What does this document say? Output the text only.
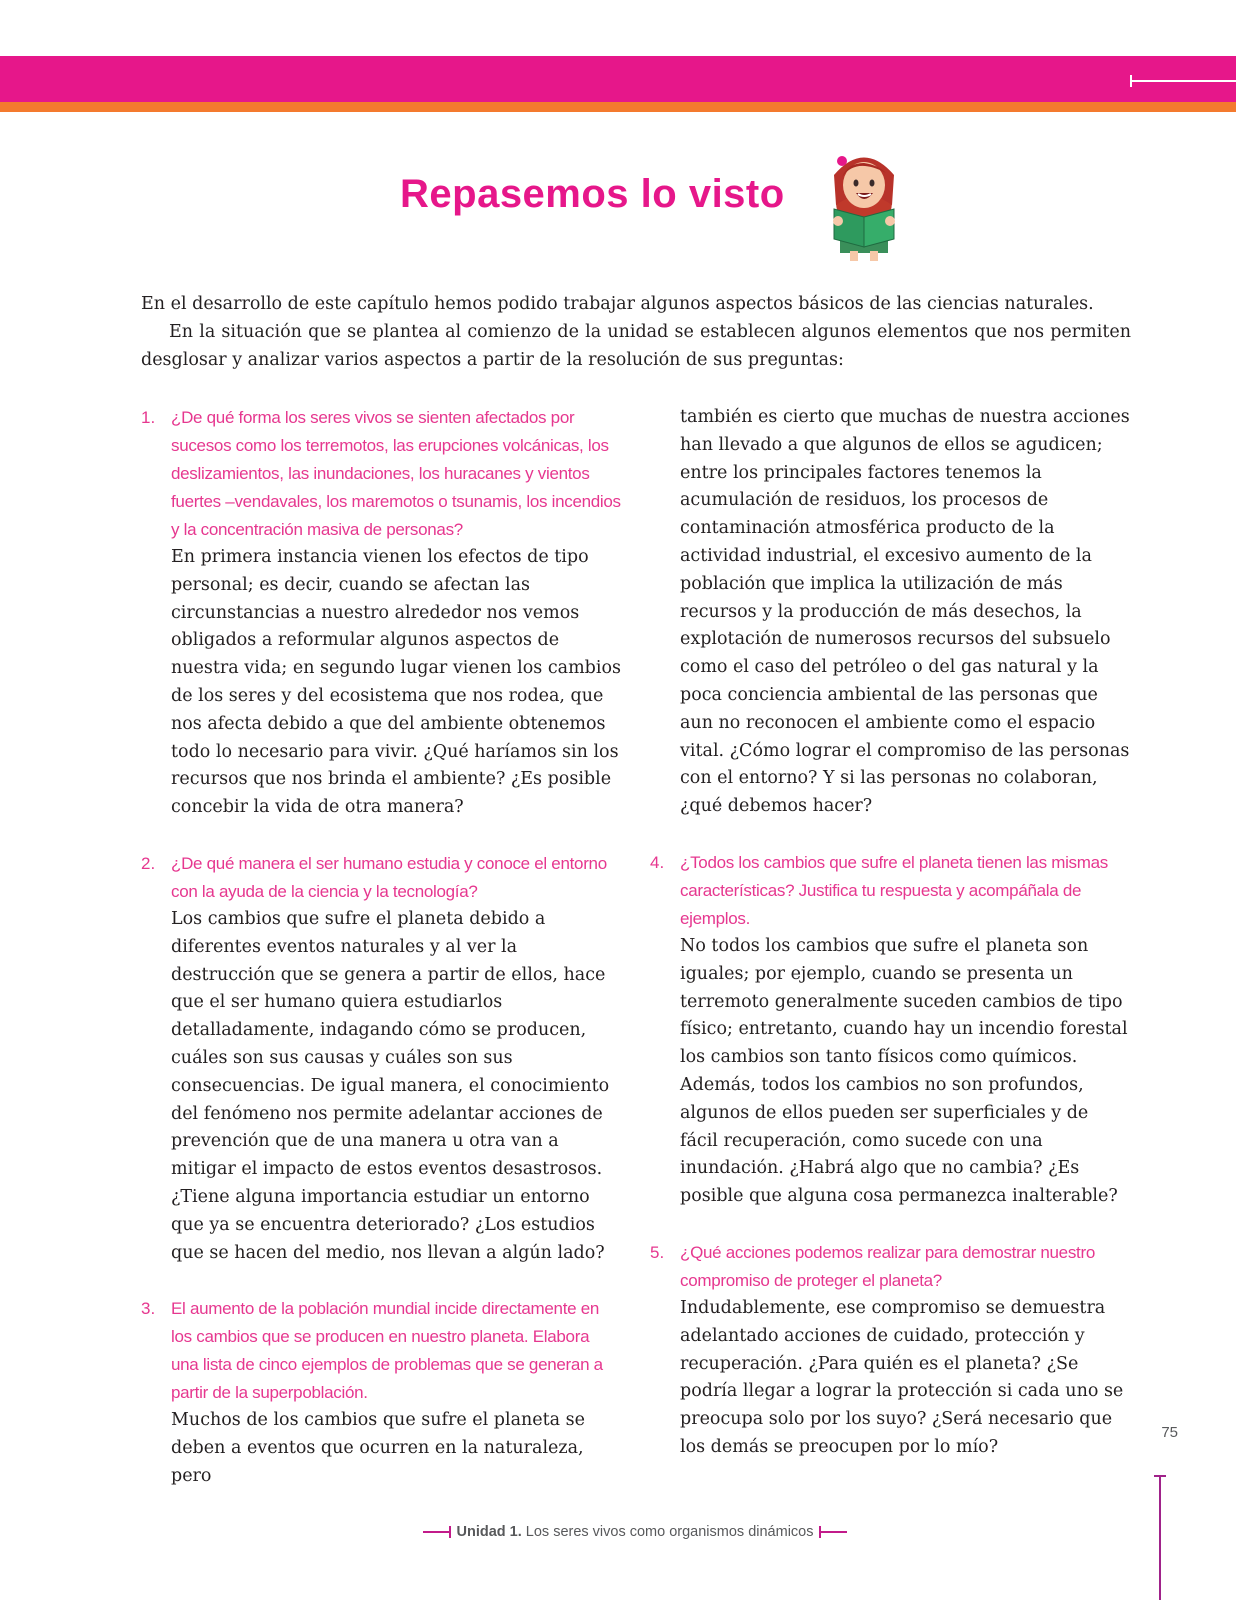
Repasemos lo visto

En el desarrollo de este capítulo hemos podido trabajar algunos aspectos básicos de las ciencias naturales.

En la situación que se plantea al comienzo de la unidad se establecen algunos elementos que nos permiten desglosar y analizar varios aspectos a partir de la resolución de sus preguntas:

1. ¿De qué forma los seres vivos se sienten afectados por sucesos como los terremotos, las erupciones volcánicas, los deslizamientos, las inundaciones, los huracanes y vientos fuertes –vendavales, los maremotos o tsunamis, los incendios y la concentración masiva de personas?
En primera instancia vienen los efectos de tipo personal; es decir, cuando se afectan las circunstancias a nuestro alrededor nos vemos obligados a reformular algunos aspectos de nuestra vida; en segundo lugar vienen los cambios de los seres y del ecosistema que nos rodea, que nos afecta debido a que del ambiente obtenemos todo lo necesario para vivir. ¿Qué haríamos sin los recursos que nos brinda el ambiente? ¿Es posible concebir la vida de otra manera?
2. ¿De qué manera el ser humano estudia y conoce el entorno con la ayuda de la ciencia y la tecnología?
Los cambios que sufre el planeta debido a diferentes eventos naturales y al ver la destrucción que se genera a partir de ellos, hace que el ser humano quiera estudiarlos detalladamente, indagando cómo se producen, cuáles son sus causas y cuáles son sus consecuencias. De igual manera, el conocimiento del fenómeno nos permite adelantar acciones de prevención que de una manera u otra van a mitigar el impacto de estos eventos desastrosos. ¿Tiene alguna importancia estudiar un entorno que ya se encuentra deteriorado? ¿Los estudios que se hacen del medio, nos llevan a algún lado?
3. El aumento de la población mundial incide directamente en los cambios que se producen en nuestro planeta. Elabora una lista de cinco ejemplos de problemas que se generan a partir de la superpoblación.
Muchos de los cambios que sufre el planeta se deben a eventos que ocurren en la naturaleza, pero
también es cierto que muchas de nuestra acciones han llevado a que algunos de ellos se agudicen; entre los principales factores tenemos la acumulación de residuos, los procesos de contaminación atmosférica producto de la actividad industrial, el excesivo aumento de la población que implica la utilización de más recursos y la producción de más desechos, la explotación de numerosos recursos del subsuelo como el caso del petróleo o del gas natural y la poca conciencia ambiental de las personas que aun no reconocen el ambiente como el espacio vital. ¿Cómo lograr el compromiso de las personas con el entorno? Y si las personas no colaboran, ¿qué debemos hacer?
4. ¿Todos los cambios que sufre el planeta tienen las mismas características? Justifica tu respuesta y acompáñala de ejemplos.
No todos los cambios que sufre el planeta son iguales; por ejemplo, cuando se presenta un terremoto generalmente suceden cambios de tipo físico; entretanto, cuando hay un incendio forestal los cambios son tanto físicos como químicos. Además, todos los cambios no son profundos, algunos de ellos pueden ser superficiales y de fácil recuperación, como sucede con una inundación. ¿Habrá algo que no cambia? ¿Es posible que alguna cosa permanezca inalterable?
5. ¿Qué acciones podemos realizar para demostrar nuestro compromiso de proteger el planeta?
Indudablemente, ese compromiso se demuestra adelantado acciones de cuidado, protección y recuperación. ¿Para quién es el planeta? ¿Se podría llegar a lograr la protección si cada uno se preocupa solo por los suyo? ¿Será necesario que los demás se preocupen por lo mío?
75
Unidad 1. Los seres vivos como organismos dinámicos
